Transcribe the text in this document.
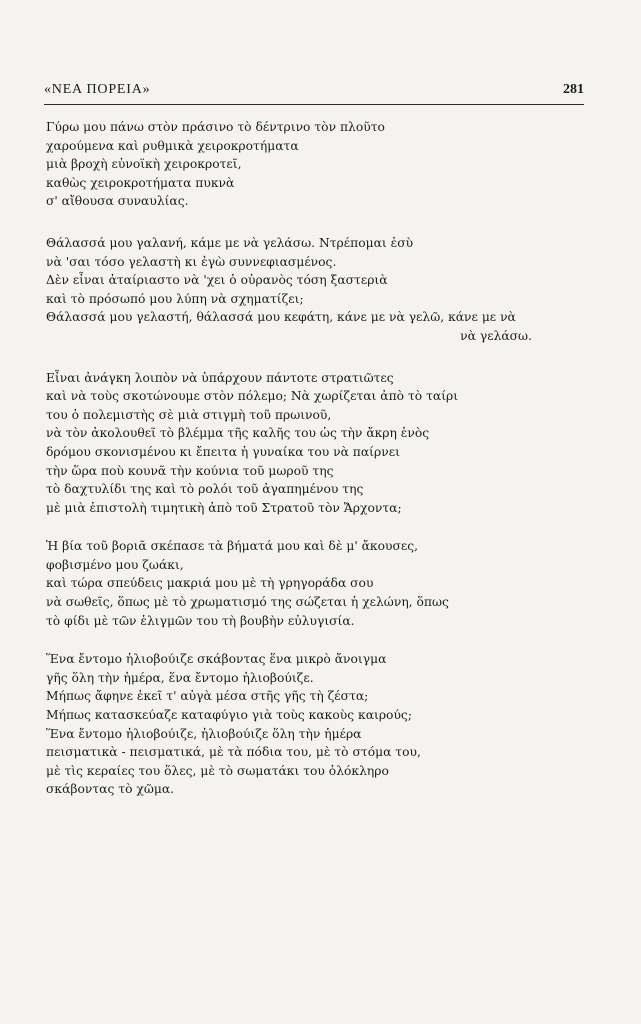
«ΝΕΑ ΠΟΡΕΙΑ»	281
Γύρω μου πάνω στὸν πράσινο τὸ δέντρινο τὸν πλοῦτο
χαρούμενα καὶ ρυθμικὰ χειροκροτήματα
μιὰ βροχὴ εὐνοϊκὴ χειροκροτεῖ,
καθὼς χειροκροτήματα πυκνὰ
σ' αἴθουσα συναυλίας.
Θάλασσά μου γαλανή, κάμε με νὰ γελάσω. Ντρέπομαι ἐσὺ
νὰ 'σαι τόσο γελαστὴ κι ἐγὼ συννεφιασμένος.
Δὲν εἶναι ἀταίριαστο νὰ 'χει ὁ οὐρανὸς τόση ξαστεριὰ
καὶ τὸ πρόσωπό μου λύπη νὰ σχηματίζει;
Θάλασσά μου γελαστή, θάλασσά μου κεφάτη, κάνε με νὰ γελῶ, κάνε με νὰ
νὰ γελάσω.
Εἶναι ἀνάγκη λοιπὸν νὰ ὑπάρχουν πάντοτε στρατιῶτες
καὶ νὰ τοὺς σκοτώνουμε στὸν πόλεμο; Νὰ χωρίζεται ἀπὸ τὸ ταίρι
του ὁ πολεμιστὴς σὲ μιὰ στιγμὴ τοῦ πρωινοῦ,
νὰ τὸν ἀκολουθεῖ τὸ βλέμμα τῆς καλῆς του ὡς τὴν ἄκρη ἑνὸς
δρόμου σκονισμένου κι ἔπειτα ἡ γυναίκα του νὰ παίρνει
τὴν ὥρα ποὺ κουνᾶ τὴν κούνια τοῦ μωροῦ της
τὸ δαχτυλίδι της καὶ τὸ ρολόι τοῦ ἀγαπημένου της
μὲ μιὰ ἐπιστολὴ τιμητικὴ ἀπὸ τοῦ Στρατοῦ τὸν Ἄρχοντα;
Ἡ βία τοῦ βοριᾶ σκέπασε τὰ βήματά μου καὶ δὲ μ' ἄκουσες,
φοβισμένο μου ζωάκι,
καὶ τώρα σπεύδεις μακριά μου μὲ τὴ γρηγοράδα σου
νὰ σωθεῖς, ὅπως μὲ τὸ χρωματισμό της σώζεται ἡ χελώνη, ὅπως
τὸ φίδι μὲ τῶν ἑλιγμῶν του τὴ βουβὴν εὐλυγισία.
Ἕνα ἔντομο ἡλιοβούιζε σκάβοντας ἕνα μικρὸ ἄνοιγμα
γῆς ὅλη τὴν ἡμέρα, ἕνα ἔντομο ἡλιοβούιζε.
Μήπως ἄφηνε ἐκεῖ τ' αὐγὰ μέσα στῆς γῆς τὴ ζέστα;
Μήπως κατασκεύαζε καταφύγιο γιὰ τοὺς κακοὺς καιρούς;
Ἕνα ἔντομο ἡλιοβούιζε, ἡλιοβούιζε ὅλη τὴν ἡμέρα
πεισματικὰ - πεισματικά, μὲ τὰ πόδια του, μὲ τὸ στόμα του,
μὲ τὶς κεραίες του ὅλες, μὲ τὸ σωματάκι του ὁλόκληρο
σκάβοντας τὸ χῶμα.
